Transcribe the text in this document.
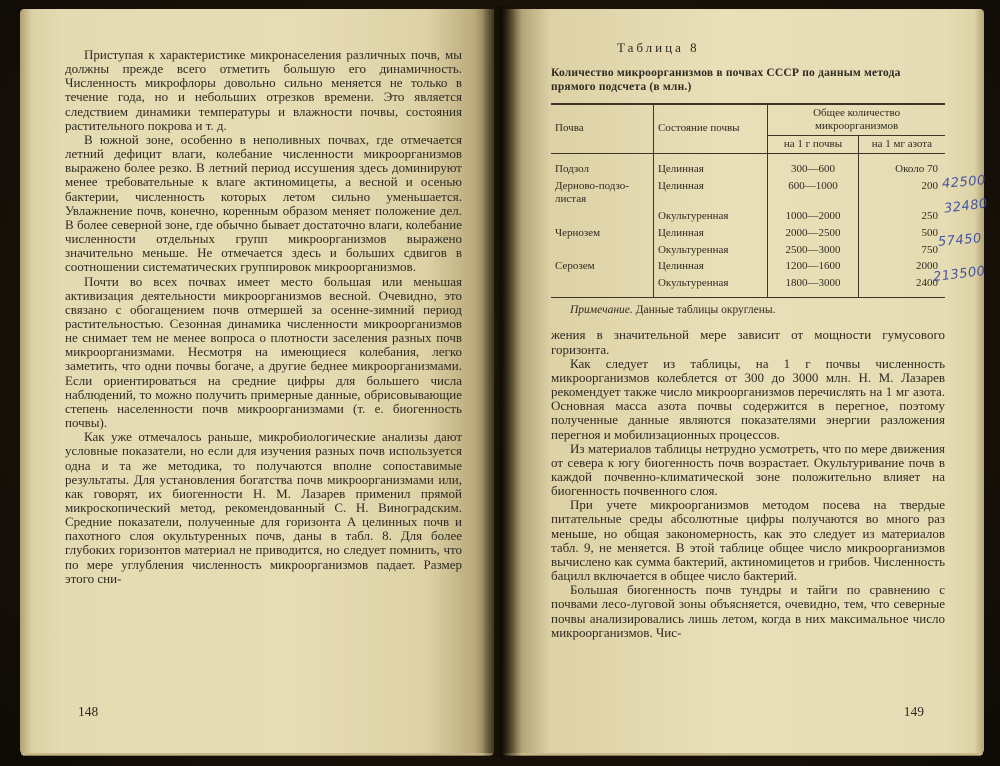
Приступая к характеристике микронаселения различных почв, мы должны прежде всего отметить большую его динамичность. Численность микрофлоры довольно сильно меняется не только в течение года, но и небольших отрезков времени. Это является следствием динамики температуры и влажности почвы, состояния растительного покрова и т. д.

В южной зоне, особенно в неполивных почвах, где отмечается летний дефицит влаги, колебание численности микроорганизмов выражено более резко. В летний период иссушения здесь доминируют менее требовательные к влаге актиномицеты, а весной и осенью бактерии, численность которых летом сильно уменьшается. Увлажнение почв, конечно, коренным образом меняет положение дел. В более северной зоне, где обычно бывает достаточно влаги, колебание численности отдельных групп микроорганизмов выражено значительно меньше. Не отмечается здесь и больших сдвигов в соотношении систематических группировок микроорганизмов.

Почти во всех почвах имеет место большая или меньшая активизация деятельности микроорганизмов весной. Очевидно, это связано с обогащением почв отмершей за осенне-зимний период растительностью. Сезонная динамика численности микроорганизмов не снимает тем не менее вопроса о плотности заселения разных почв микроорганизмами. Несмотря на имеющиеся колебания, легко заметить, что одни почвы богаче, а другие беднее микроорганизмами. Если ориентироваться на средние цифры для большего числа наблюдений, то можно получить примерные данные, обрисовывающие степень населенности почв микроорганизмами (т. е. биогенность почвы).

Как уже отмечалось раньше, микробиологические анализы дают условные показатели, но если для изучения разных почв используется одна и та же методика, то получаются вполне сопоставимые результаты. Для установления богатства почв микроорганизмами или, как говорят, их биогенности Н. М. Лазарев применил прямой микроскопический метод, рекомендованный С. Н. Виноградским. Средние показатели, полученные для горизонта А целинных почв и пахотного слоя окультуренных почв, даны в табл. 8. Для более глубоких горизонтов материал не приводится, но следует помнить, что по мере углубления численность микроорганизмов падает. Размер этого сни-

148
Таблица 8
Количество микроорганизмов в почвах СССР по данным метода прямого подсчета (в млн.)
Почва	Состояние почвы	Общее количество микроорганизмов	
		на 1 г почвы	на 1 мг азота
Подзол	Целинная	300—600	Около 70
Дерново-подзо-листая	Целинная	600—1000	200
	Окультуренная	1000—2000	250
Чернозем	Целинная	2000—2500	500
	Окультуренная	2500—3000	750
Серозем	Целинная	1200—1600	2000
	Окультуренная	1800—3000	2400
Примечание. Данные таблицы округлены.

жения в значительной мере зависит от мощности гумусового горизонта.

Как следует из таблицы, на 1 г почвы численность микроорганизмов колеблется от 300 до 3000 млн. Н. М. Лазарев рекомендует также число микроорганизмов перечислять на 1 мг азота. Основная масса азота почвы содержится в перегное, поэтому полученные данные являются показателями энергии разложения перегноя и мобилизационных процессов.

Из материалов таблицы нетрудно усмотреть, что по мере движения от севера к югу биогенность почв возрастает. Окультуривание почв в каждой почвенно-климатической зоне положительно влияет на биогенность почвенного слоя.

При учете микроорганизмов методом посева на твердые питательные среды абсолютные цифры получаются во много раз меньше, но общая закономерность, как это следует из материалов табл. 9, не меняется. В этой таблице общее число микроорганизмов вычислено как сумма бактерий, актиномицетов и грибов. Численность бацилл включается в общее число бактерий.

Большая биогенность почв тундры и тайги по сравнению с почвами лесо-луговой зоны объясняется, очевидно, тем, что северные почвы анализировались лишь летом, когда в них максимальное число микроорганизмов. Чис-

149
42500
32480
57450
213500
